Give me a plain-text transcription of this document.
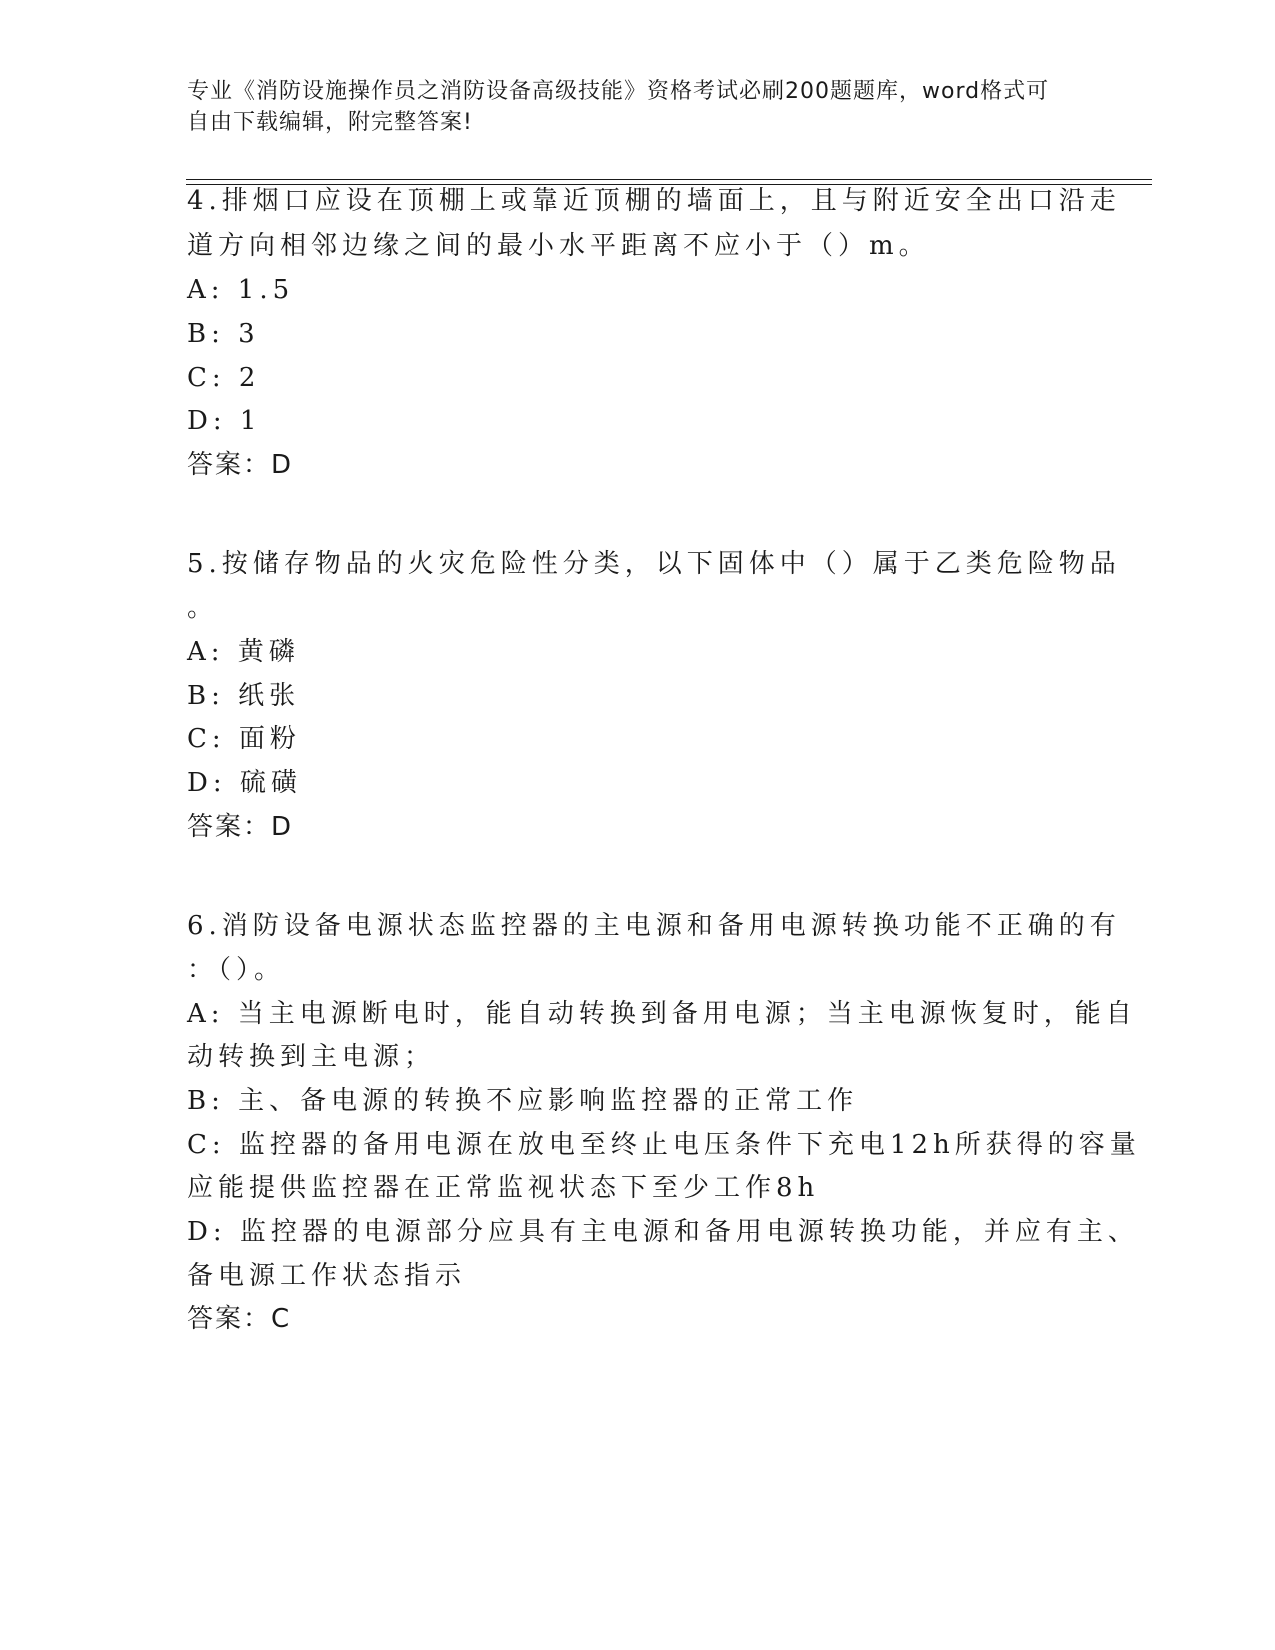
专业《消防设施操作员之消防设备高级技能》资格考试必刷200题题库，word格式可自由下载编辑，附完整答案!
4.排烟口应设在顶棚上或靠近顶棚的墙面上，且与附近安全出口沿走
道方向相邻边缘之间的最小水平距离不应小于（）m。
A: 1.5
B: 3
C: 2
D: 1
答案：D
5.按储存物品的火灾危险性分类，以下固体中（）属于乙类危险物品
。
A: 黄磷
B: 纸张
C: 面粉
D: 硫磺
答案：D
6.消防设备电源状态监控器的主电源和备用电源转换功能不正确的有
：（）。
A: 当主电源断电时，能自动转换到备用电源；当主电源恢复时，能自
动转换到主电源；
B: 主、备电源的转换不应影响监控器的正常工作
C: 监控器的备用电源在放电至终止电压条件下充电12h所获得的容量
应能提供监控器在正常监视状态下至少工作8h
D: 监控器的电源部分应具有主电源和备用电源转换功能，并应有主、
备电源工作状态指示
答案：C
